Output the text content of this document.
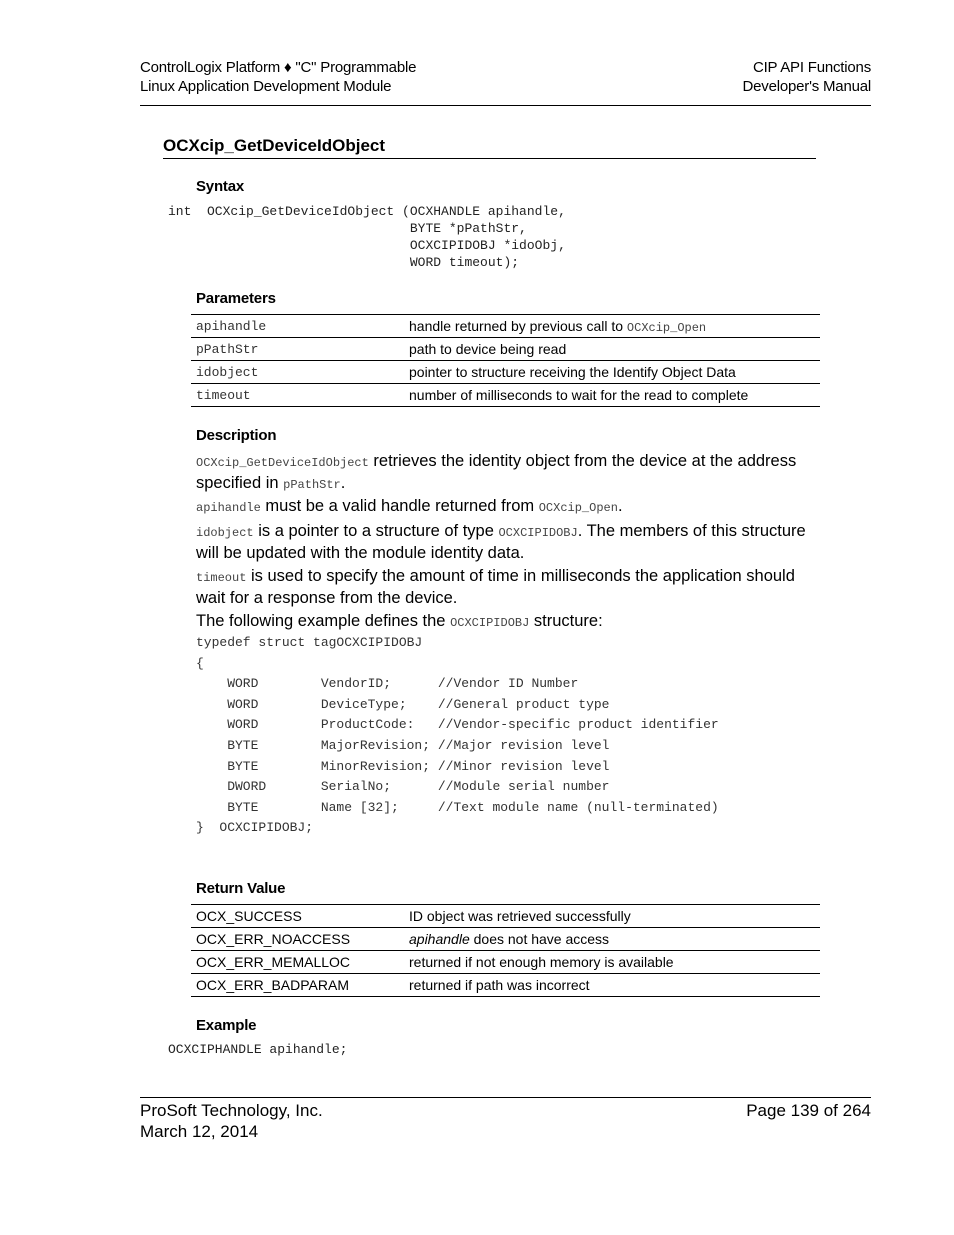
ControlLogix Platform ♦ "C" Programmable
Linux Application Development Module
CIP API Functions
Developer's Manual
OCXcip_GetDeviceIdObject
Syntax
int  OCXcip_GetDeviceIdObject (OCXHANDLE apihandle,
BYTE *pPathStr,
OCXCIPIDOBJ *idoObj,
WORD timeout);
Parameters
apihandle	handle returned by previous call to OCXcip_Open
pPathStr	path to device being read
idobject	pointer to structure receiving the Identify Object Data
timeout	number of milliseconds to wait for the read to complete
Description
OCXcip_GetDeviceIdObject retrieves the identity object from the device at the address specified in pPathStr.
apihandle must be a valid handle returned from OCXcip_Open.
idobject is a pointer to a structure of type OCXCIPIDOBJ. The members of this structure will be updated with the module identity data.
timeout is used to specify the amount of time in milliseconds the application should wait for a response from the device.
The following example defines the OCXCIPIDOBJ structure:
typedef struct tagOCXCIPIDOBJ
{
WORD        VendorID;      //Vendor ID Number
WORD        DeviceType;    //General product type
WORD        ProductCode:   //Vendor-specific product identifier
BYTE        MajorRevision; //Major revision level
BYTE        MinorRevision; //Minor revision level
DWORD       SerialNo;      //Module serial number
BYTE        Name [32];     //Text module name (null-terminated)
}  OCXCIPIDOBJ;
Return Value
OCX_SUCCESS	ID object was retrieved successfully
OCX_ERR_NOACCESS	apihandle does not have access
OCX_ERR_MEMALLOC	returned if not enough memory is available
OCX_ERR_BADPARAM	returned if path was incorrect
Example
OCXCIPHANDLE apihandle;
ProSoft Technology, Inc.
March 12, 2014
Page 139 of 264
